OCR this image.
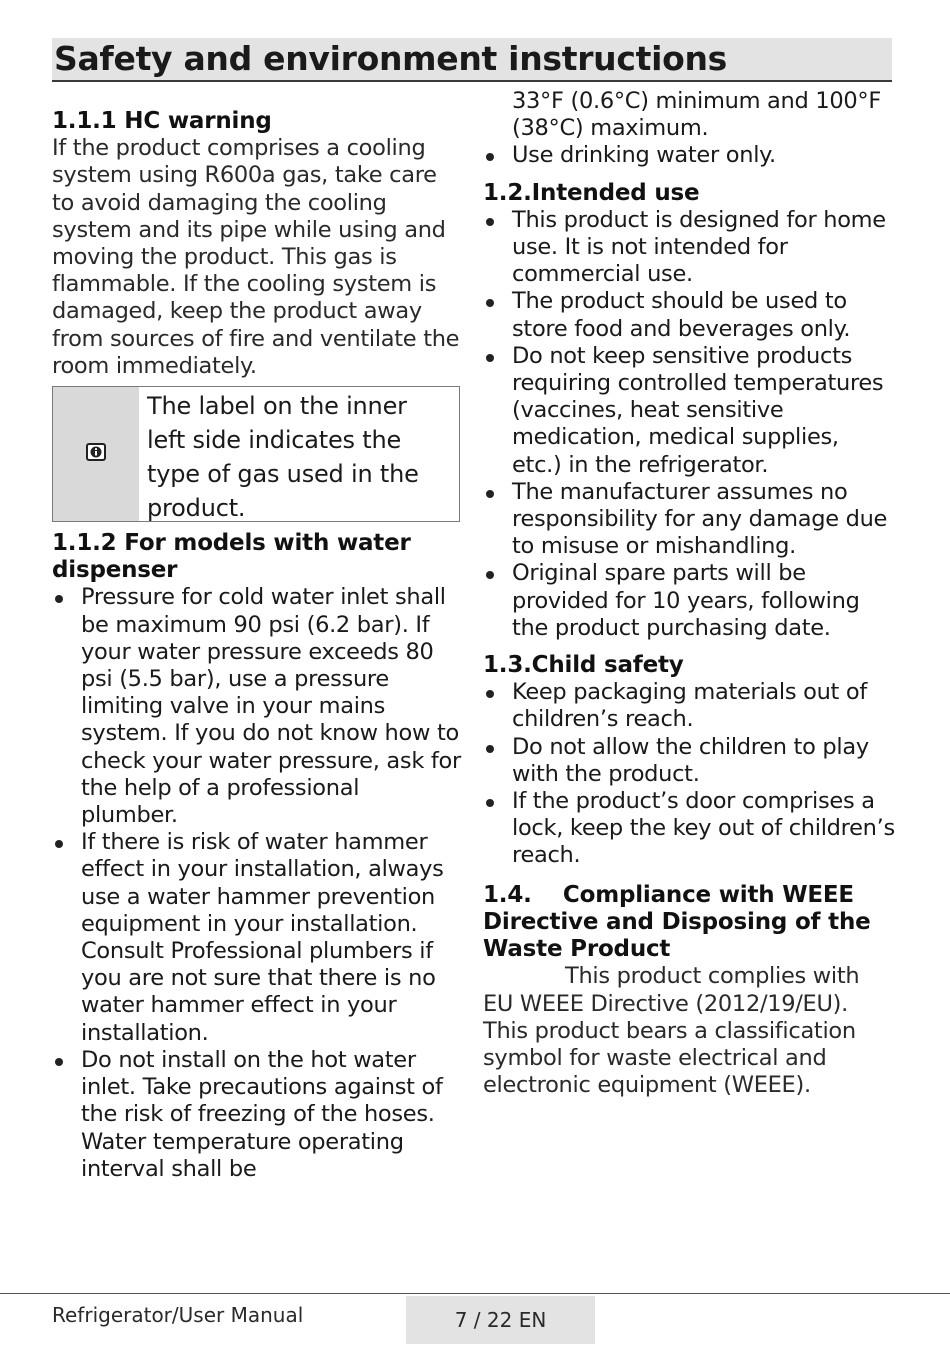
Safety and environment instructions
1.1.1 HC warning

If the product comprises a cooling system using R600a gas, take care to avoid damaging the cooling system and its pipe while using and moving the product. This gas is flammable. If the cooling system is damaged, keep the product away from sources of fire and ventilate the room immediately.

The label on the inner left side indicates the type of gas used in the product.
1.1.2 For models with water dispenser
Pressure for cold water inlet shall be maximum 90 psi (6.2 bar). If your water pressure exceeds 80 psi (5.5 bar), use a pressure limiting valve in your mains system. If you do not know how to check your water pressure, ask for the help of a professional plumber.
If there is risk of water hammer effect in your installation, always use a water hammer prevention equipment in your installation. Consult Professional plumbers if you are not sure that there is no water hammer effect in your installation.
Do not install on the hot water inlet. Take precautions against of the risk of freezing of the hoses. Water temperature operating interval shall be

33°F (0.6°C) minimum and 100°F (38°C) maximum.

Use drinking water only.
1.2.Intended use
This product is designed for home use. It is not intended for commercial use.
The product should be used to store food and beverages only.
Do not keep sensitive products requiring controlled temperatures (vaccines, heat sensitive medication, medical supplies, etc.) in the refrigerator.
The manufacturer assumes no responsibility for any damage due to misuse or mishandling.
Original spare parts will be provided for 10 years, following the product purchasing date.
1.3.Child safety
Keep packaging materials out of children’s reach.
Do not allow the children to play with the product.
If the product’s door comprises a lock, keep the key out of children’s reach.
1.4.    Compliance with WEEE Directive and Disposing of the Waste Product

This product complies with EU WEEE Directive (2012/19/EU). This product bears a classification symbol for waste electrical and electronic equipment (WEEE).

Refrigerator/User Manual	7 / 22 EN
